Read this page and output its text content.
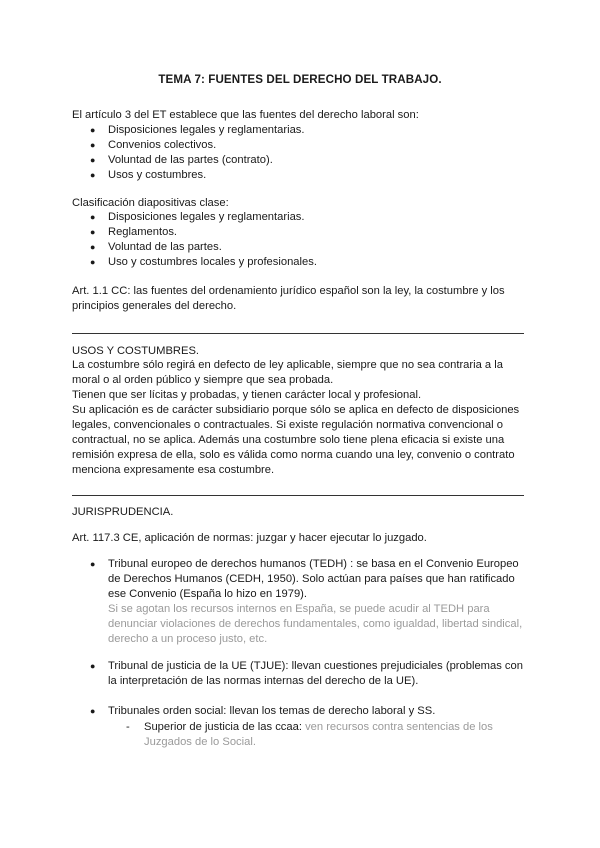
TEMA 7: FUENTES DEL DERECHO DEL TRABAJO.
El artículo 3 del ET establece que las fuentes del derecho laboral son:
●	Disposiciones legales y reglamentarias.
●	Convenios colectivos.
●	Voluntad de las partes (contrato).
●	Usos y costumbres.
Clasificación diapositivas clase:
●	Disposiciones legales y reglamentarias.
●	Reglamentos.
●	Voluntad de las partes.
●	Uso y costumbres locales y profesionales.
Art. 1.1 CC: las fuentes del ordenamiento jurídico español son la ley, la costumbre y los principios generales del derecho.
USOS Y COSTUMBRES.
La costumbre sólo regirá en defecto de ley aplicable, siempre que no sea contraria a la
moral o al orden público y siempre que sea probada.
Tienen que ser lícitas y probadas, y tienen carácter local y profesional.
Su aplicación es de carácter subsidiario porque sólo se aplica en defecto de disposiciones
legales, convencionales o contractuales. Si existe regulación normativa convencional o
contractual, no se aplica. Además una costumbre solo tiene plena eficacia si existe una
remisión expresa de ella, solo es válida como norma cuando una ley, convenio o contrato
menciona expresamente esa costumbre.
JURISPRUDENCIA.
Art. 117.3 CE, aplicación de normas: juzgar y hacer ejecutar lo juzgado.
● Tribunal europeo de derechos humanos (TEDH) : se basa en el Convenio Europeo de Derechos Humanos (CEDH, 1950). Solo actúan para países que han ratificado ese Convenio (España lo hizo en 1979).
Si se agotan los recursos internos en España, se puede acudir al TEDH para denunciar violaciones de derechos fundamentales, como igualdad, libertad sindical, derecho a un proceso justo, etc.
● Tribunal de justicia de la UE (TJUE): llevan cuestiones prejudiciales (problemas con la interpretación de las normas internas del derecho de la UE).
● Tribunales orden social: llevan los temas de derecho laboral y SS.
- Superior de justicia de las ccaa: ven recursos contra sentencias de los Juzgados de lo Social.
